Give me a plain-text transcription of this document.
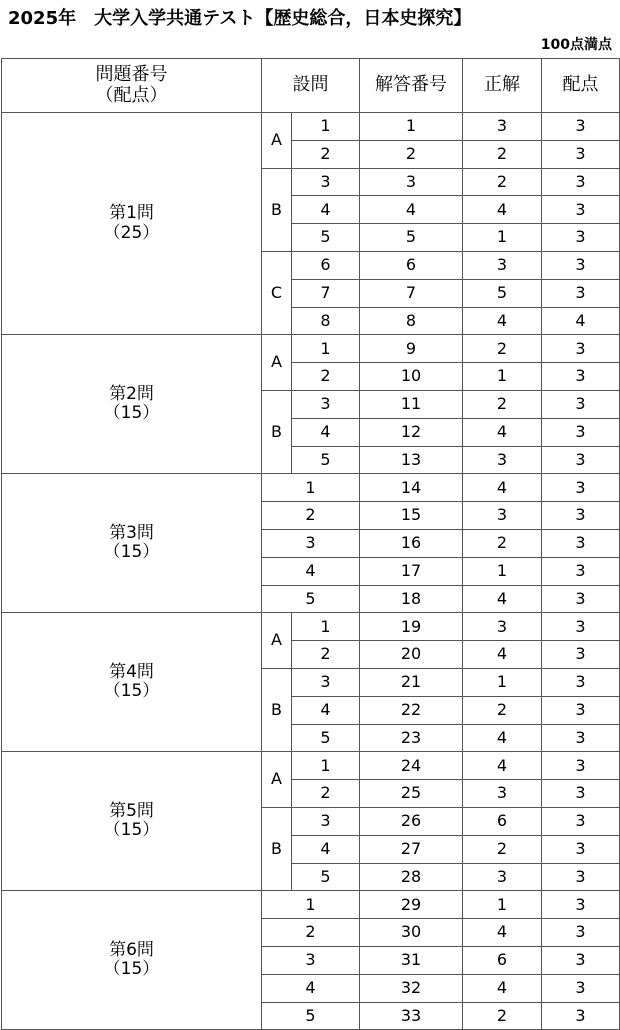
2025年　大学入学共通テスト【歴史総合，日本史探究】
100点満点
問題番号
（配点）	設問		解答番号	正解	配点

第1問
（25）	A	1	1	3	3
		2	2	2	3
	B	3	3	2	3
		4	4	4	3
		5	5	1	3
	C	6	6	3	3
		7	7	5	3
		8	8	4	4

第2問
（15）	A	1	9	2	3
		2	10	1	3
	B	3	11	2	3
		4	12	4	3
		5	13	3	3

第3問
（15）	1		14	4	3
	2		15	3	3
	3		16	2	3
	4		17	1	3
	5		18	4	3

第4問
（15）	A	1	19	3	3
		2	20	4	3
	B	3	21	1	3
		4	22	2	3
		5	23	4	3

第5問
（15）	A	1	24	4	3
		2	25	3	3
	B	3	26	6	3
		4	27	2	3
		5	28	3	3

第6問
（15）	1		29	1	3
	2		30	4	3
	3		31	6	3
	4		32	4	3
	5		33	2	3
